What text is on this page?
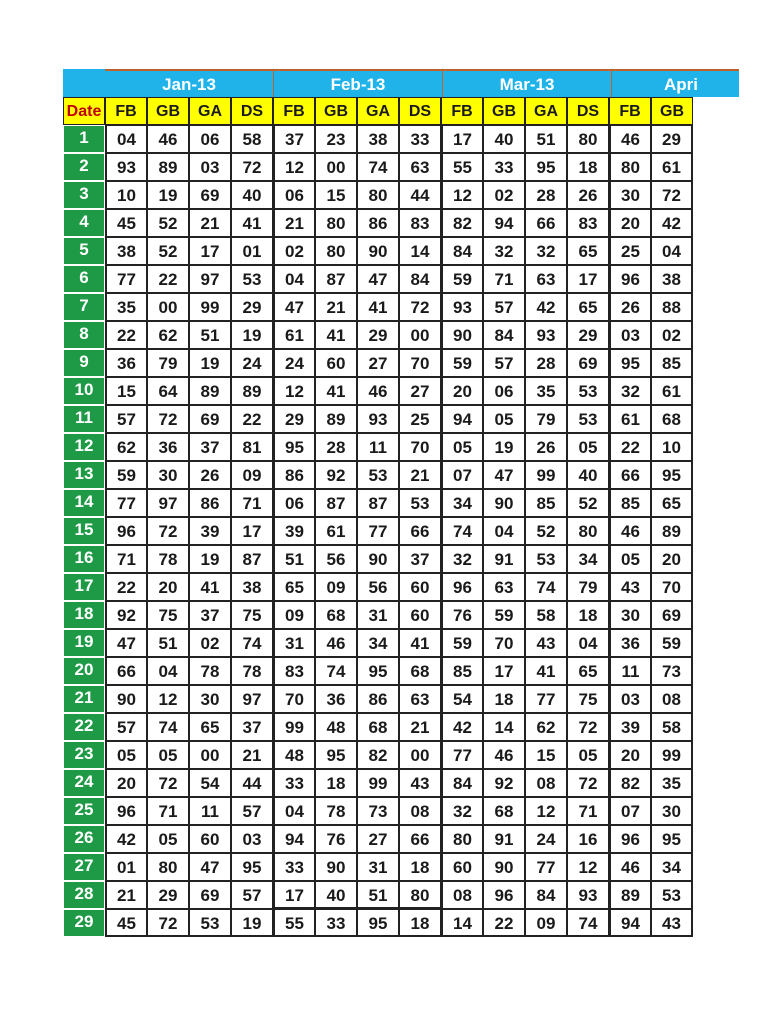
Jan-13	Feb-13	Mar-13	Apri
Date FB	GB	GA	DS	FB	GB	GA	DS	FB	GB	GA	DS	FB	GB
1	04	46	06	58	37	23	38	33	17	40	51	80	46	29
2	93	89	03	72	12	00	74	63	55	33	95	18	80	61
3	10	19	69	40	06	15	80	44	12	02	28	26	30	72
4	45	52	21	41	21	80	86	83	82	94	66	83	20	42
5	38	52	17	01	02	80	90	14	84	32	32	65	25	04
6	77	22	97	53	04	87	47	84	59	71	63	17	96	38
7	35	00	99	29	47	21	41	72	93	57	42	65	26	88
8	22	62	51	19	61	41	29	00	90	84	93	29	03	02
9	36	79	19	24	24	60	27	70	59	57	28	69	95	85
10	15	64	89	89	12	41	46	27	20	06	35	53	32	61
11	57	72	69	22	29	89	93	25	94	05	79	53	61	68
12	62	36	37	81	95	28	11	70	05	19	26	05	22	10
13	59	30	26	09	86	92	53	21	07	47	99	40	66	95
14	77	97	86	71	06	87	87	53	34	90	85	52	85	65
15	96	72	39	17	39	61	77	66	74	04	52	80	46	89
16	71	78	19	87	51	56	90	37	32	91	53	34	05	20
17	22	20	41	38	65	09	56	60	96	63	74	79	43	70
18	92	75	37	75	09	68	31	60	76	59	58	18	30	69
19	47	51	02	74	31	46	34	41	59	70	43	04	36	59
20	66	04	78	78	83	74	95	68	85	17	41	65	11	73
21	90	12	30	97	70	36	86	63	54	18	77	75	03	08
22	57	74	65	37	99	48	68	21	42	14	62	72	39	58
23	05	05	00	21	48	95	82	00	77	46	15	05	20	99
24	20	72	54	44	33	18	99	43	84	92	08	72	82	35
25	96	71	11	57	04	78	73	08	32	68	12	71	07	30
26	42	05	60	03	94	76	27	66	80	91	24	16	96	95
27	01	80	47	95	33	90	31	18	60	90	77	12	46	34
28	21	29	69	57	17	40	51	80	08	96	84	93	89	53
29	45	72	53	19	55	33	95	18	14	22	09	74	94	43
